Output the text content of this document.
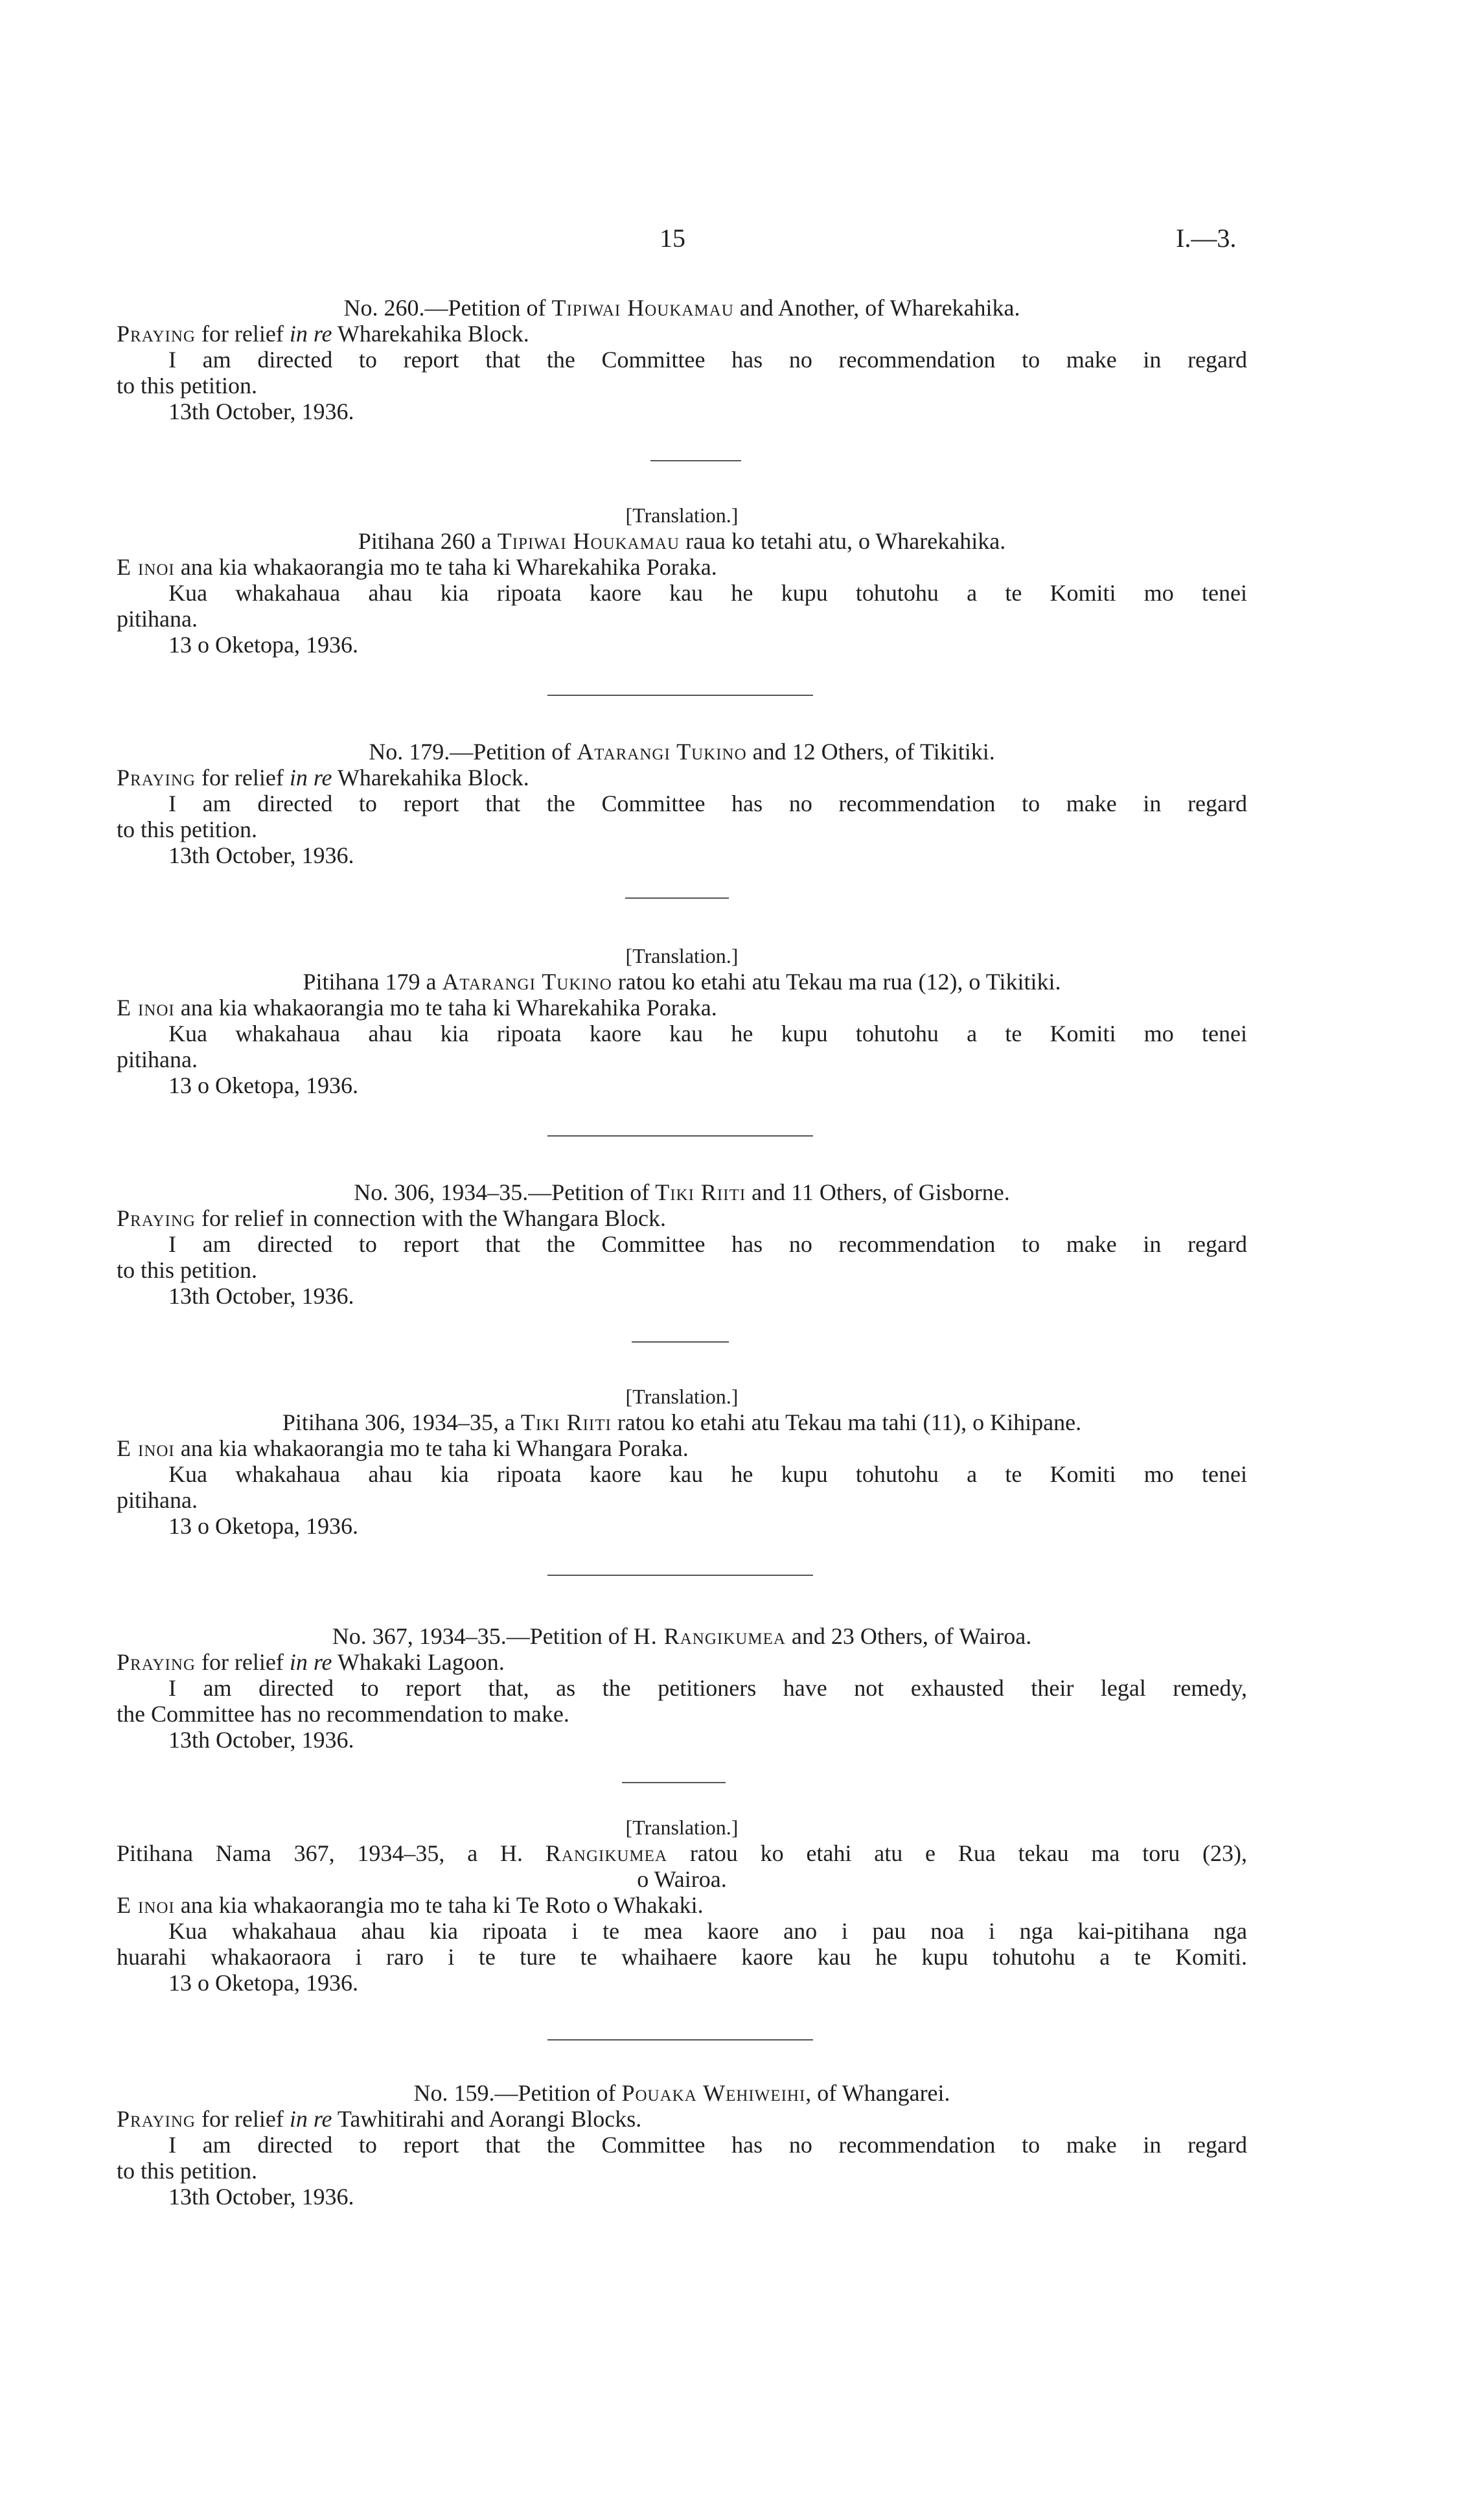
15	I.—3.
No. 260.—Petition of Tipiwai Houkamau and Another, of Wharekahika.
Praying for relief in re Wharekahika Block.
I am directed to report that the Committee has no recommendation to make in regard
to this petition.
13th October, 1936.
[Translation.]
Pitihana 260 a Tipiwai Houkamau raua ko tetahi atu, o Wharekahika.
E inoi ana kia whakaorangia mo te taha ki Wharekahika Poraka.
Kua whakahaua ahau kia ripoata kaore kau he kupu tohutohu a te Komiti mo tenei
pitihana.
13 o Oketopa, 1936.
No. 179.—Petition of Atarangi Tukino and 12 Others, of Tikitiki.
Praying for relief in re Wharekahika Block.
I am directed to report that the Committee has no recommendation to make in regard
to this petition.
13th October, 1936.
[Translation.]
Pitihana 179 a Atarangi Tukino ratou ko etahi atu Tekau ma rua (12), o Tikitiki.
E inoi ana kia whakaorangia mo te taha ki Wharekahika Poraka.
Kua whakahaua ahau kia ripoata kaore kau he kupu tohutohu a te Komiti mo tenei
pitihana.
13 o Oketopa, 1936.
No. 306, 1934–35.—Petition of Tiki Riiti and 11 Others, of Gisborne.
Praying for relief in connection with the Whangara Block.
I am directed to report that the Committee has no recommendation to make in regard
to this petition.
13th October, 1936.
[Translation.]
Pitihana 306, 1934–35, a Tiki Riiti ratou ko etahi atu Tekau ma tahi (11), o Kihipane.
E inoi ana kia whakaorangia mo te taha ki Whangara Poraka.
Kua whakahaua ahau kia ripoata kaore kau he kupu tohutohu a te Komiti mo tenei
pitihana.
13 o Oketopa, 1936.
No. 367, 1934–35.—Petition of H. Rangikumea and 23 Others, of Wairoa.
Praying for relief in re Whakaki Lagoon.
I am directed to report that, as the petitioners have not exhausted their legal remedy,
the Committee has no recommendation to make.
13th October, 1936.
[Translation.]
Pitihana Nama 367, 1934–35, a H. Rangikumea ratou ko etahi atu e Rua tekau ma toru (23),
o Wairoa.
E inoi ana kia whakaorangia mo te taha ki Te Roto o Whakaki.
Kua whakahaua ahau kia ripoata i te mea kaore ano i pau noa i nga kai-pitihana nga
huarahi whakaoraora i raro i te ture te whaihaere kaore kau he kupu tohutohu a te Komiti.
13 o Oketopa, 1936.
No. 159.—Petition of Pouaka Wehiweihi, of Whangarei.
Praying for relief in re Tawhitirahi and Aorangi Blocks.
I am directed to report that the Committee has no recommendation to make in regard
to this petition.
13th October, 1936.
